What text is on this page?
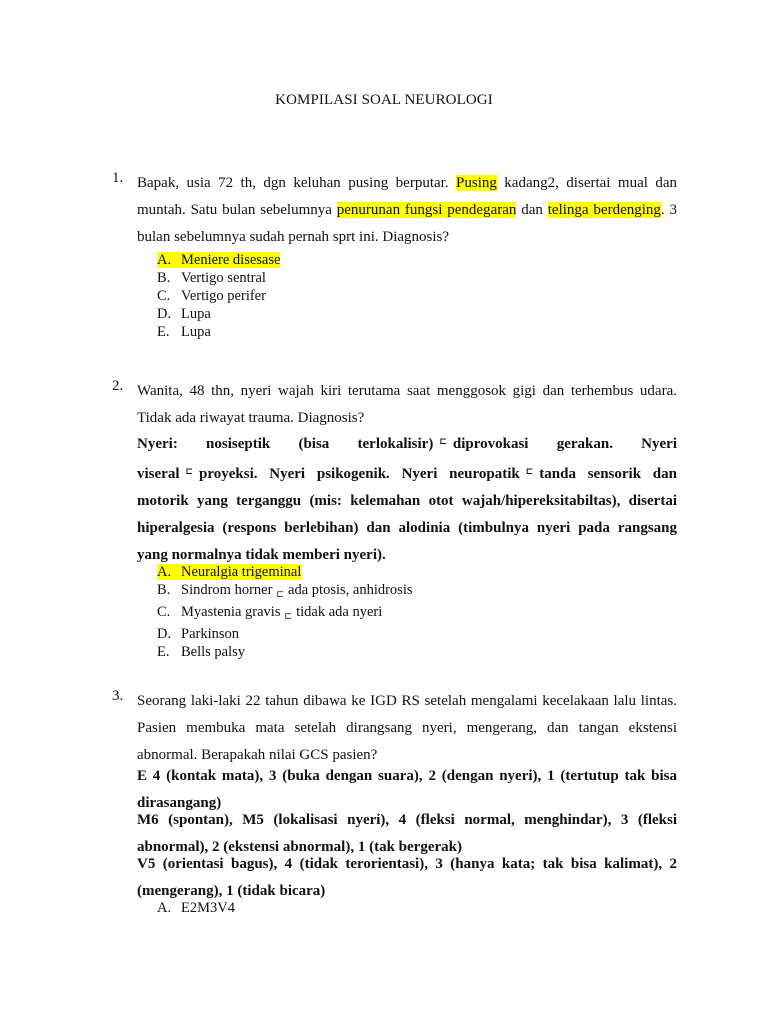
KOMPILASI SOAL NEUROLOGI
1. Bapak, usia 72 th, dgn keluhan pusing berputar. Pusing kadang2, disertai mual dan muntah. Satu bulan sebelumnya penurunan fungsi pendegaran dan telinga berdenging. 3 bulan sebelumnya sudah pernah sprt ini. Diagnosis?
A. Meniere disesase
B. Vertigo sentral
C. Vertigo perifer
D. Lupa
E. Lupa
2. Wanita, 48 thn, nyeri wajah kiri terutama saat menggosok gigi dan terhembus udara. Tidak ada riwayat trauma. Diagnosis?
Nyeri: nosiseptik (bisa terlokalisir) ⊏ diprovokasi gerakan. Nyeri viseral ⊏ proyeksi. Nyeri psikogenik. Nyeri neuropatik ⊏ tanda sensorik dan motorik yang terganggu (mis: kelemahan otot wajah/hipereksitabiltas), disertai hiperalgesia (respons berlebihan) dan alodinia (timbulnya nyeri pada rangsang yang normalnya tidak memberi nyeri).
A. Neuralgia trigeminal
B. Sindrom horner $_⊏$ ada ptosis, anhidrosis
C. Myastenia gravis $_⊏$ tidak ada nyeri
D. Parkinson
E. Bells palsy
3. Seorang laki-laki 22 tahun dibawa ke IGD RS setelah mengalami kecelakaan lalu lintas. Pasien membuka mata setelah dirangsang nyeri, mengerang, dan tangan ekstensi abnormal. Berapakah nilai GCS pasien?
E 4 (kontak mata), 3 (buka dengan suara), 2 (dengan nyeri), 1 (tertutup tak bisa dirasangang)
M6 (spontan), M5 (lokalisasi nyeri), 4 (fleksi normal, menghindar), 3 (fleksi abnormal), 2 (ekstensi abnormal), 1 (tak bergerak)
V5 (orientasi bagus), 4 (tidak terorientasi), 3 (hanya kata; tak bisa kalimat), 2 (mengerang), 1 (tidak bicara)
A. E2M3V4
